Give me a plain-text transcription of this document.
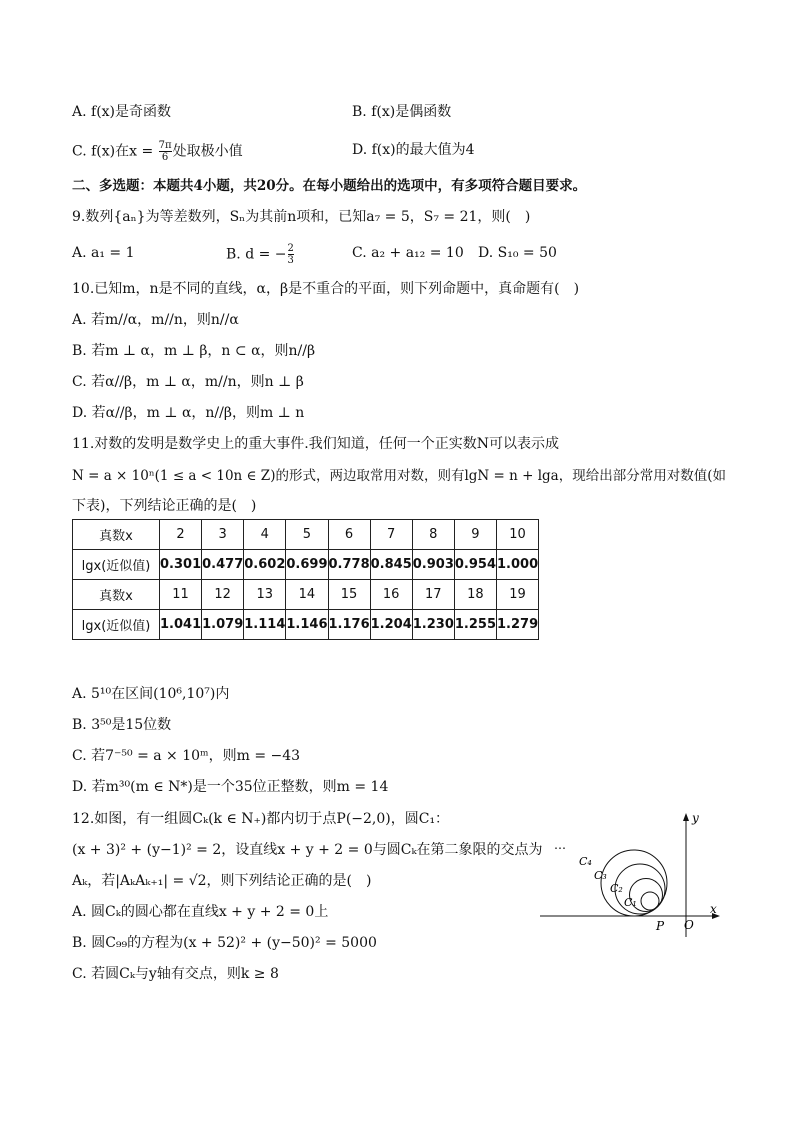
A. f(x)是奇函数	B. f(x)是偶函数
C. f(x)在$x = \frac{7\pi}{6}$ 处取极小值	D. f(x)的最大值为4
二、多选题：本题共4小题，共20分。在每小题给出的选项中，有多项符合题目要求。
9.数列{aₙ}为等差数列，Sₙ为其前n项和，已知a₇ = 5，S₇ = 21，则(　)
A. a₁ = 1	B. d = − $\frac{2}{3}$	C. a₂ + a₁₂ = 10 D. S₁₀ = 50
10.已知m，n是不同的直线，α，β是不重合的平面，则下列命题中，真命题有(　)
A. 若m//α，m//n，则n//α
B. 若m ⊥ α，m ⊥ β，n ⊂ α，则n//β
C. 若α//β，m ⊥ α，m//n，则n ⊥ β
D. 若α//β，m ⊥ α，n//β，则m ⊥ n
11.对数的发明是数学史上的重大事件.我们知道，任何一个正实数N可以表示成
N = a × 10ⁿ(1 ≤ a < 10n ∈ Z)的形式，两边取常用对数，则有lgN = n + lga，现给出部分常用对数值(如
下表)，下列结论正确的是(　)
真数x	2	3	4	5	6	7	8	9	10
lgx(近似值)	0.301	0.477	0.602	0.699	0.778	0.845	0.903	0.954	1.000
真数x	11	12	13	14	15	16	17	18	19
lgx(近似值)	1.041	1.079	1.114	1.146	1.176	1.204	1.230	1.255	1.279
A. 5¹⁰在区间(10⁶,10⁷)内
B. 3⁵⁰是15位数
C. 若7⁻⁵⁰ = a × 10ᵐ，则m = −43
D. 若m³⁰(m ∈ N*)是一个35位正整数，则m = 14
12.如图，有一组圆Cₖ(k ∈ N₊)都内切于点P(−2,0)，圆C₁：
(x + 3)² + (y−1)² = 2，设直线x + y + 2 = 0与圆Cₖ在第二象限的交点为
Aₖ，若|AₖAₖ₊₁| = √2，则下列结论正确的是(　)
A. 圆Cₖ的圆心都在直线x + y + 2 = 0上
B. 圆C₉₉的方程为(x + 52)² + (y−50)² = 5000
C. 若圆Cₖ与y轴有交点，则k ≥ 8
…
y
x
O
P
C₄
C₃
C₂
C₁
